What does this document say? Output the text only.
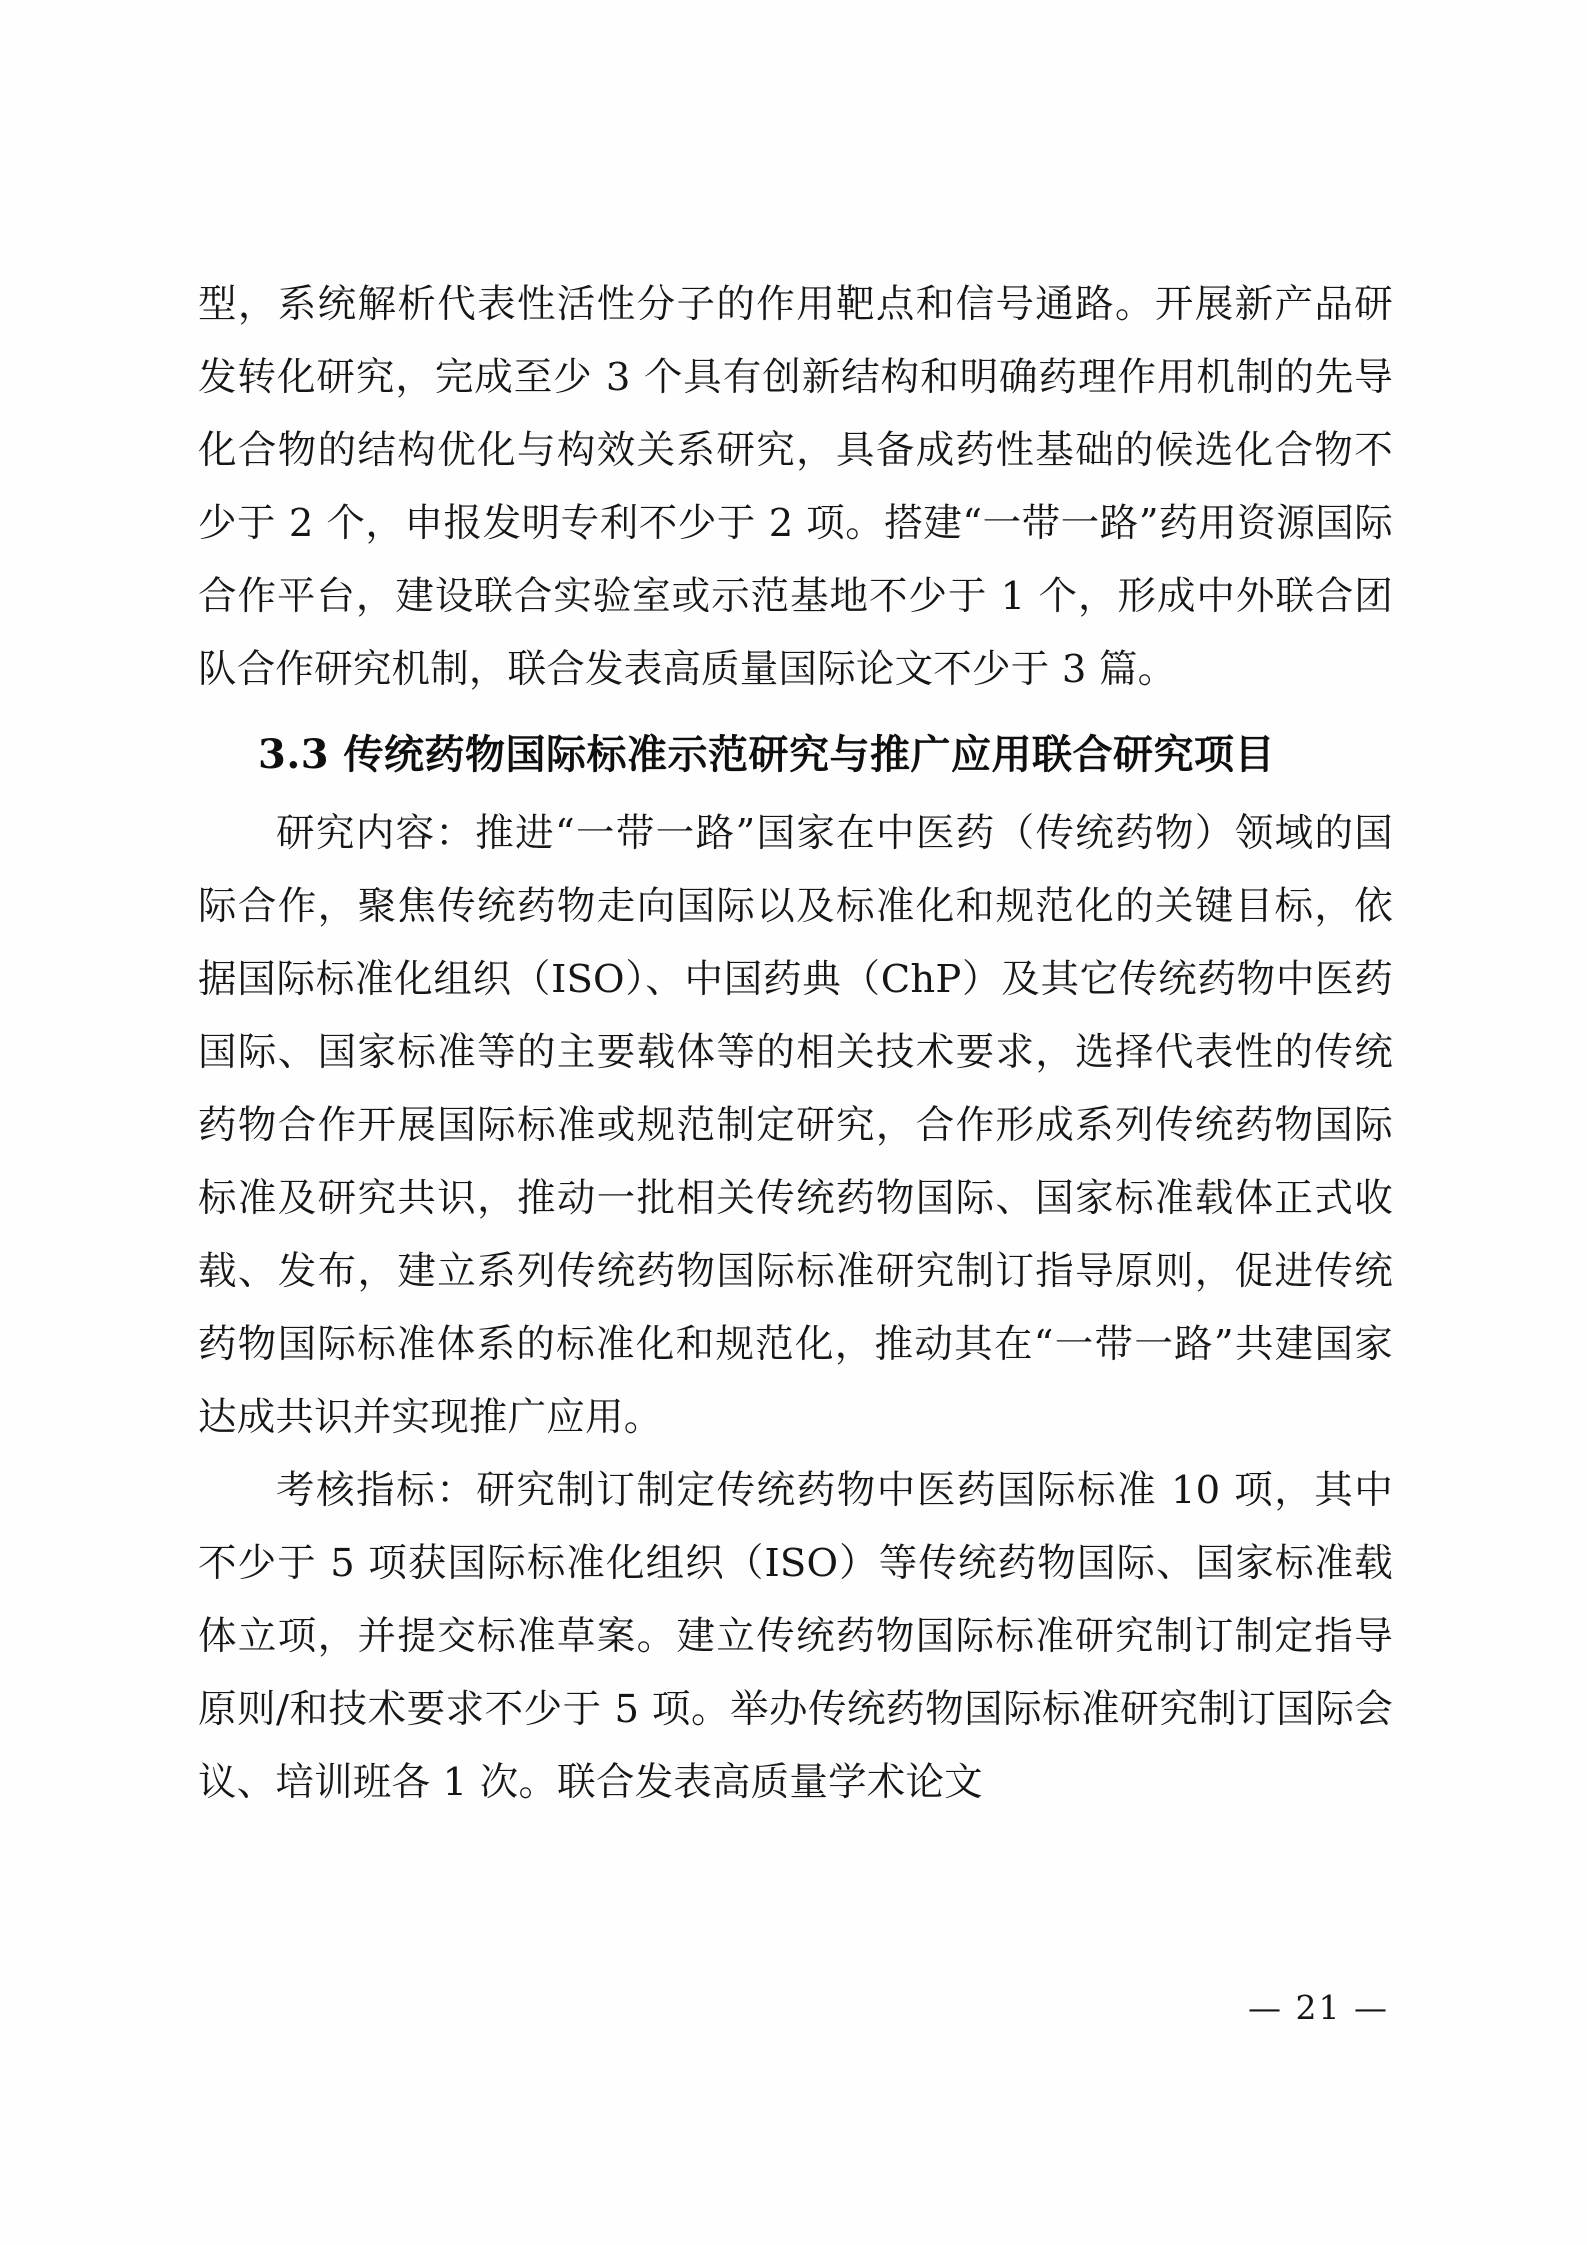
型，系统解析代表性活性分子的作用靶点和信号通路。开展新产品研发转化研究，完成至少 3 个具有创新结构和明确药理作用机制的先导化合物的结构优化与构效关系研究，具备成药性基础的候选化合物不少于 2 个，申报发明专利不少于 2 项。搭建“一带一路”药用资源国际合作平台，建设联合实验室或示范基地不少于 1 个，形成中外联合团队合作研究机制，联合发表高质量国际论文不少于 3 篇。

3.3 传统药物国际标准示范研究与推广应用联合研究项目

研究内容：推进“一带一路”国家在中医药（传统药物）领域的国际合作，聚焦传统药物走向国际以及标准化和规范化的关键目标，依据国际标准化组织（ISO）、中国药典（ChP）及其它传统药物中医药国际、国家标准等的主要载体等的相关技术要求，选择代表性的传统药物合作开展国际标准或规范制定研究，合作形成系列传统药物国际标准及研究共识，推动一批相关传统药物国际、国家标准载体正式收载、发布，建立系列传统药物国际标准研究制订指导原则，促进传统药物国际标准体系的标准化和规范化，推动其在“一带一路”共建国家达成共识并实现推广应用。

考核指标：研究制订制定传统药物中医药国际标准 10 项，其中不少于 5 项获国际标准化组织（ISO）等传统药物国际、国家标准载体立项，并提交标准草案。建立传统药物国际标准研究制订制定指导原则/和技术要求不少于 5 项。举办传统药物国际标准研究制订国际会议、培训班各 1 次。联合发表高质量学术论文

— 21 —
